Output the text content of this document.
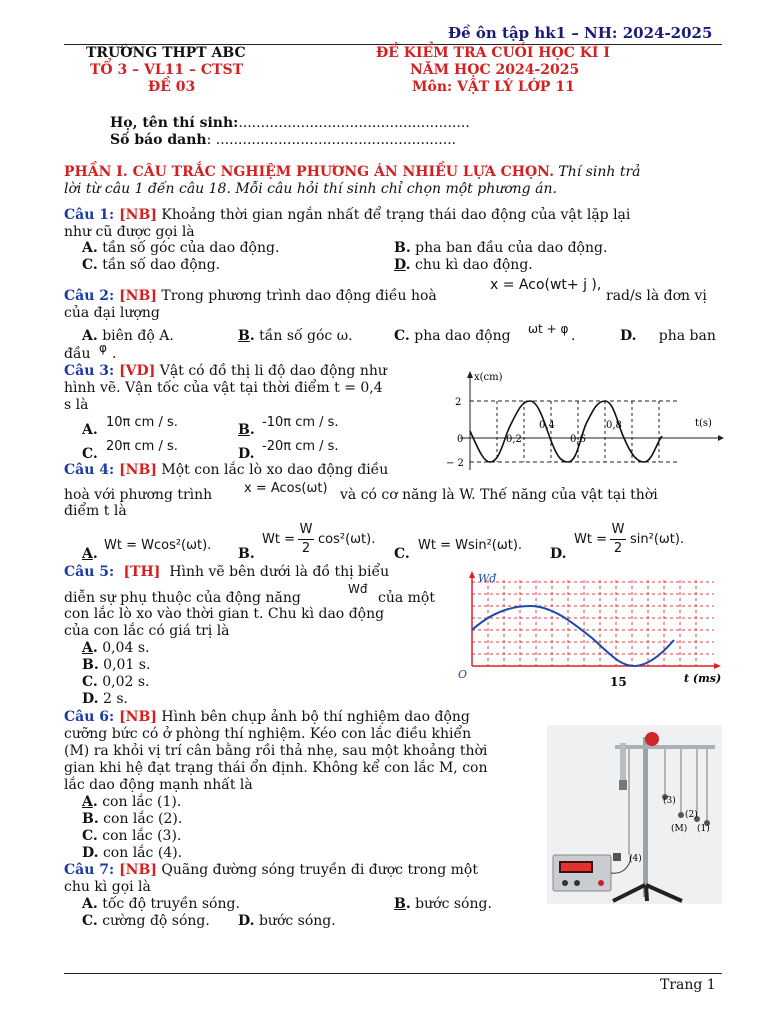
Đề ôn tập hk1 – NH: 2024-2025
TRƯỜNG THPT ABC
TỔ 3 – VL11 – CTST
ĐỀ 03
ĐỀ KIỂM TRA CUỐI HỌC KÌ I
NĂM HỌC 2024-2025
Môn: VẬT LÝ LỚP 11
Họ, tên thí sinh:....................................................
Số báo danh: ......................................................
PHẦN I. CÂU TRẮC NGHIỆM PHƯƠNG ÁN NHIỀU LỰA CHỌN. Thí sinh trả
lời từ câu 1 đến câu 18. Mỗi câu hỏi thí sinh chỉ chọn một phương án.
Câu 1: [NB] Khoảng thời gian ngắn nhất để trạng thái dao động của vật lặp lại
như cũ được gọi là
A. tần số góc của dao động.	B. pha ban đầu của dao động.
C. tần số dao động.	D. chu kì dao động.
Câu 2: [NB] Trong phương trình dao động điều hoà
x = Aco(wt+ j ),
rad/s là đơn vị
của đại lượng
A. biên độ A.	B. tần số góc ω.	C. pha dao động ωt + φ .	D. pha ban
đầu φ .
Câu 3: [VD] Vật có đồ thị li độ dao động như
hình vẽ. Vận tốc của vật tại thời điểm t = 0,4
s là
A. 10π cm / s.	B. -10π cm / s.
C. 20π cm / s.	D. -20π cm / s.
x(cm)
t(s)
2
− 2
0	0,2
0,4
0,6
0,8
Câu 4: [NB] Một con lắc lò xo dao động điều
hoà với phương trình x = Acos(ωt) và có cơ năng là W. Thế năng của vật tại thời
điểm t là
A.
Wt = Wcos²(ωt).
B.
Wt =
W
2
cos²(ωt).
C.
Wt = Wsin²(ωt).
D.
Wt =
W
2
sin²(ωt).
Câu 5:  [TH] Hình vẽ bên dưới là đồ thị biểu
diễn sự phụ thuộc của động năng
Wđ
của một
con lắc lò xo vào thời gian t. Chu kì dao động
của con lắc có giá trị là
A. 0,04 s.
B. 0,01 s.
C. 0,02 s.
D. 2 s.
Wđ
O
15	t (ms)
Câu 6: [NB] Hình bên chụp ảnh bộ thí nghiệm dao động
cưỡng bức có ở phòng thí nghiệm. Kéo con lắc điều khiển
(M) ra khỏi vị trí cân bằng rồi thả nhẹ, sau một khoảng thời
gian khi hệ đạt trạng thái ổn định. Không kể con lắc M, con
lắc dao động mạnh nhất là
A. con lắc (1).
B. con lắc (2).
C. con lắc (3).
D. con lắc (4).
(3)
(2)
(M) (1)
(4)
Câu 7: [NB] Quãng đường sóng truyền đi được trong một
chu kì gọi là
A. tốc độ truyền sóng.	B. bước sóng.
C. cường độ sóng. D. bước sóng.
Trang 1
